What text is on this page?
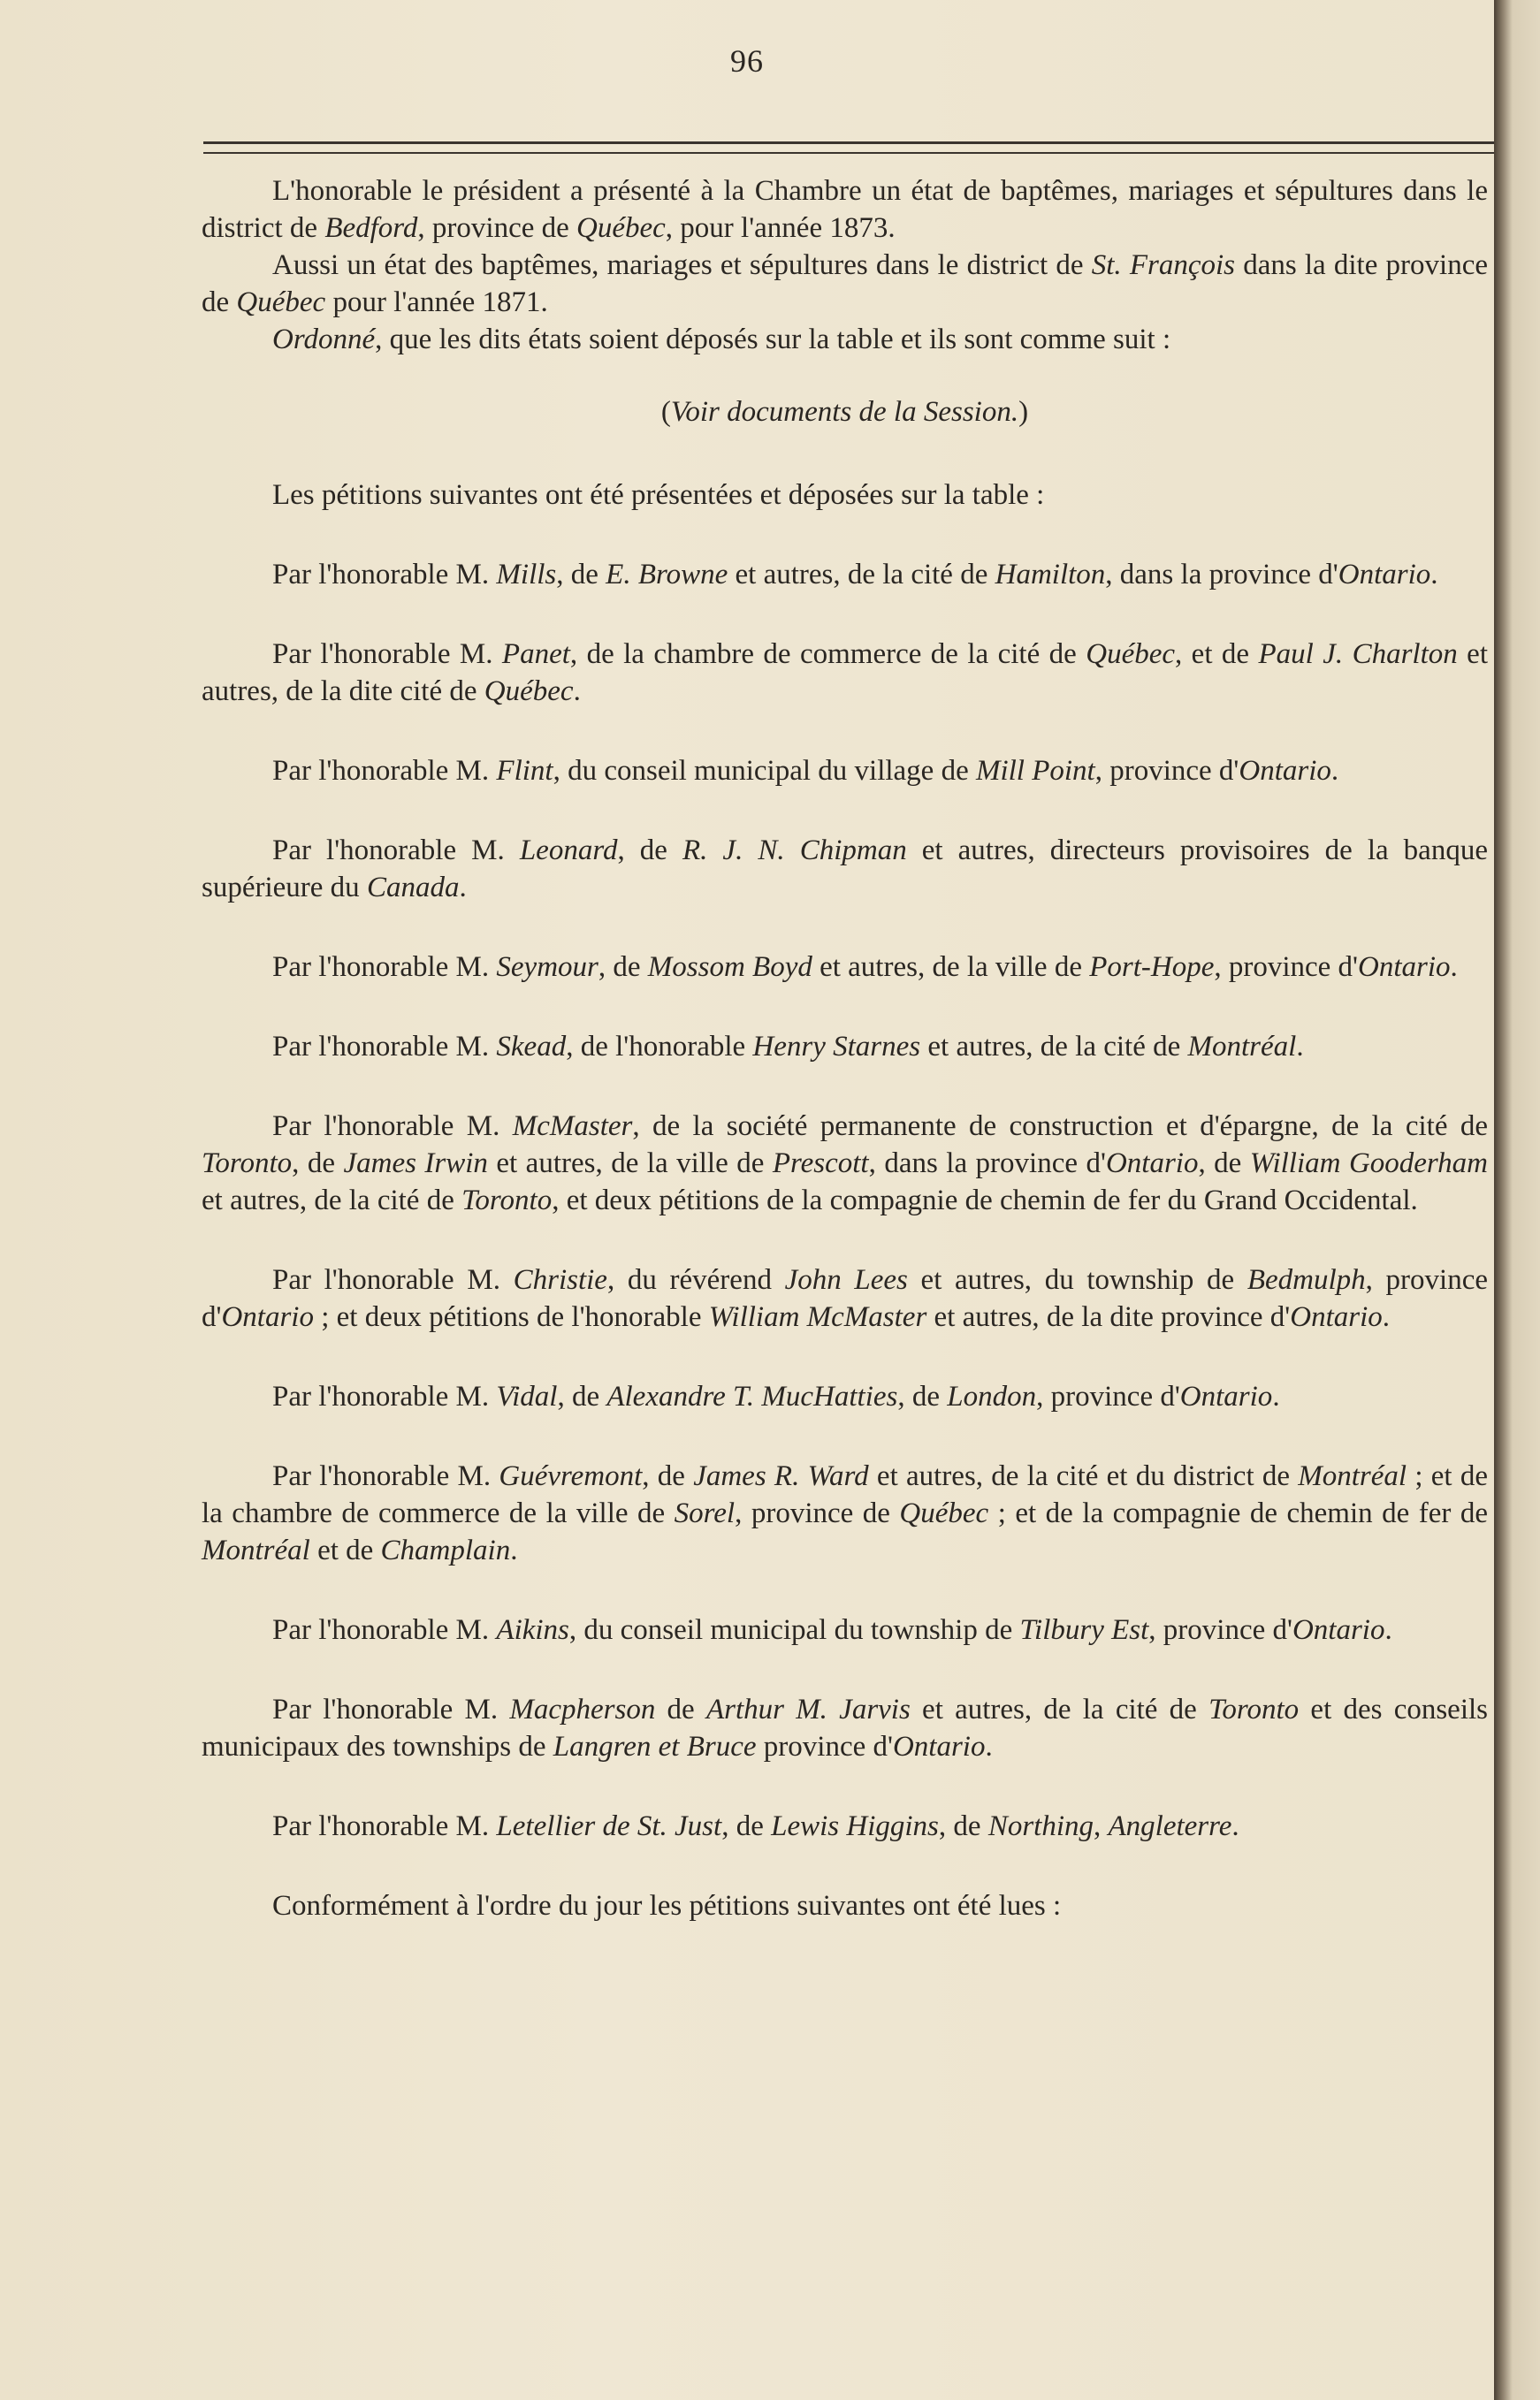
96

L'honorable le président a présenté à la Chambre un état de baptêmes, mariages et sépultures dans le district de Bedford, province de Québec, pour l'année 1873.

Aussi un état des baptêmes, mariages et sépultures dans le district de St. François dans la dite province de Québec pour l'année 1871.

Ordonné, que les dits états soient déposés sur la table et ils sont comme suit :

(Voir documents de la Session.)

Les pétitions suivantes ont été présentées et déposées sur la table :

Par l'honorable M. Mills, de E. Browne et autres, de la cité de Hamilton, dans la province d'Ontario.

Par l'honorable M. Panet, de la chambre de commerce de la cité de Québec, et de Paul J. Charlton et autres, de la dite cité de Québec.

Par l'honorable M. Flint, du conseil municipal du village de Mill Point, province d'Ontario.

Par l'honorable M. Leonard, de R. J. N. Chipman et autres, directeurs provisoires de la banque supérieure du Canada.

Par l'honorable M. Seymour, de Mossom Boyd et autres, de la ville de Port-Hope, province d'Ontario.

Par l'honorable M. Skead, de l'honorable Henry Starnes et autres, de la cité de Montréal.

Par l'honorable M. McMaster, de la société permanente de construction et d'épargne, de la cité de Toronto, de James Irwin et autres, de la ville de Prescott, dans la province d'Ontario, de William Gooderham et autres, de la cité de Toronto, et deux pétitions de la compagnie de chemin de fer du Grand Occidental.

Par l'honorable M. Christie, du révérend John Lees et autres, du township de Bedmulph, province d'Ontario ; et deux pétitions de l'honorable William McMaster et autres, de la dite province d'Ontario.

Par l'honorable M. Vidal, de Alexandre T. MucHatties, de London, province d'Ontario.

Par l'honorable M. Guévremont, de James R. Ward et autres, de la cité et du district de Montréal ; et de la chambre de commerce de la ville de Sorel, province de Québec ; et de la compagnie de chemin de fer de Montréal et de Champlain.

Par l'honorable M. Aikins, du conseil municipal du township de Tilbury Est, province d'Ontario.

Par l'honorable M. Macpherson de Arthur M. Jarvis et autres, de la cité de Toronto et des conseils municipaux des townships de Langren et Bruce province d'Ontario.

Par l'honorable M. Letellier de St. Just, de Lewis Higgins, de Northing, Angleterre.

Conformément à l'ordre du jour les pétitions suivantes ont été lues :
